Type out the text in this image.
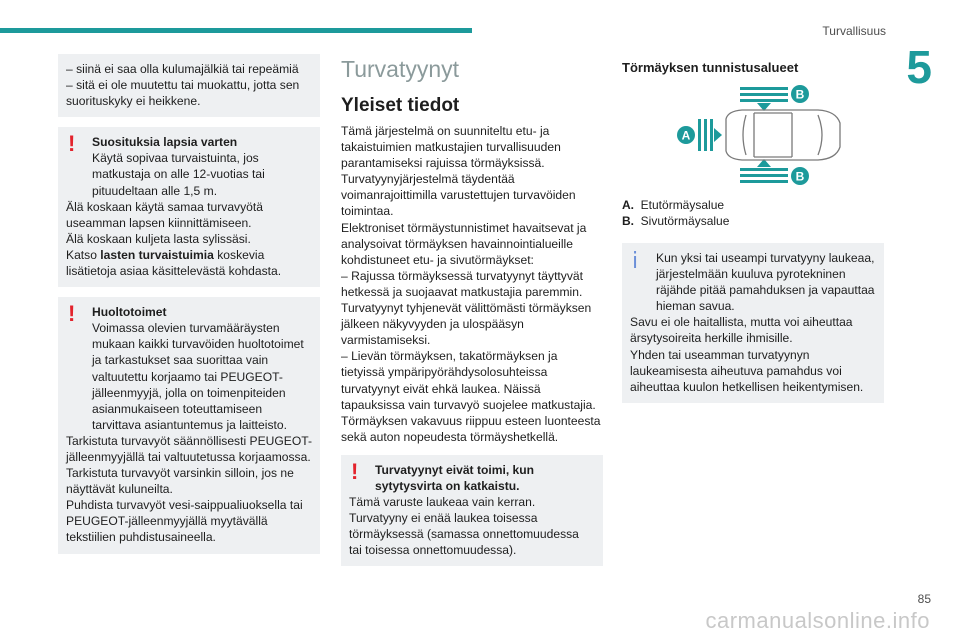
Turvallisuus
5
– siinä ei saa olla kulumajälkiä tai repeämiä
– sitä ei ole muutettu tai muokattu, jotta sen suorituskyky ei heikkene.
!	Suosituksia lapsia varten
Käytä sopivaa turvaistuinta, jos matkustaja on alle 12-vuotias tai pituudeltaan alle 1,5 m.
Älä koskaan käytä samaa turvavyötä useamman lapsen kiinnittämiseen.
Älä koskaan kuljeta lasta sylissäsi.
Katso lasten turvaistuimia koskevia lisätietoja asiaa käsittelevästä kohdasta.
!	Huoltotoimet
Voimassa olevien turvamääräysten mukaan kaikki turvavöiden huoltotoimet ja tarkastukset saa suorittaa vain valtuutettu korjaamo tai PEUGEOT-jälleenmyyjä, jolla on toimenpiteiden asianmukaiseen toteuttamiseen tarvittava asiantuntemus ja laitteisto.
Tarkistuta turvavyöt säännöllisesti PEUGEOT-jälleenmyyjällä tai valtuutetussa korjaamossa.
Tarkistuta turvavyöt varsinkin silloin, jos ne näyttävät kuluneilta.
Puhdista turvavyöt vesi-saippualiuoksella tai PEUGEOT-jälleenmyyjällä myytävällä tekstiilien puhdistusaineella.
Turvatyynyt
Yleiset tiedot
Tämä järjestelmä on suunniteltu etu- ja takaistuimien matkustajien turvallisuuden parantamiseksi rajuissa törmäyksissä.
Turvatyynyjärjestelmä täydentää voimanrajoittimilla varustettujen turvavöiden toimintaa.
Elektroniset törmäystunnistimet havaitsevat ja analysoivat törmäyksen havainnointialueille kohdistuneet etu- ja sivutörmäykset:
– Rajussa törmäyksessä turvatyynyt täyttyvät hetkessä ja suojaavat matkustajia paremmin. Turvatyynyt tyhjenevät välittömästi törmäyksen jälkeen näkyvyyden ja ulospääsyn varmistamiseksi.
– Lievän törmäyksen, takatörmäyksen ja tietyissä ympäripyörähdysolosuhteissa turvatyynyt eivät ehkä laukea. Näissä tapauksissa vain turvavyö suojelee matkustajia.
Törmäyksen vakavuus riippuu esteen luonteesta sekä auton nopeudesta törmäyshetkellä.
!	Turvatyynyt eivät toimi, kun sytytysvirta on katkaistu.
Tämä varuste laukeaa vain kerran.
Turvatyyny ei enää laukea toisessa törmäyksessä (samassa onnettomuudessa tai toisessa onnettomuudessa).
Törmäyksen tunnistusalueet
A
B
B
A. Etutörmäysalue
B. Sivutörmäysalue
i	Kun yksi tai useampi turvatyyny laukeaa, järjestelmään kuuluva pyrotekninen räjähde pitää pamahduksen ja vapauttaa hieman savua.
Savu ei ole haitallista, mutta voi aiheuttaa ärsytysoireita herkille ihmisille.
Yhden tai useamman turvatyynyn laukeamisesta aiheutuva pamahdus voi aiheuttaa kuulon hetkellisen heikentymisen.
carmanualsonline.info
85
